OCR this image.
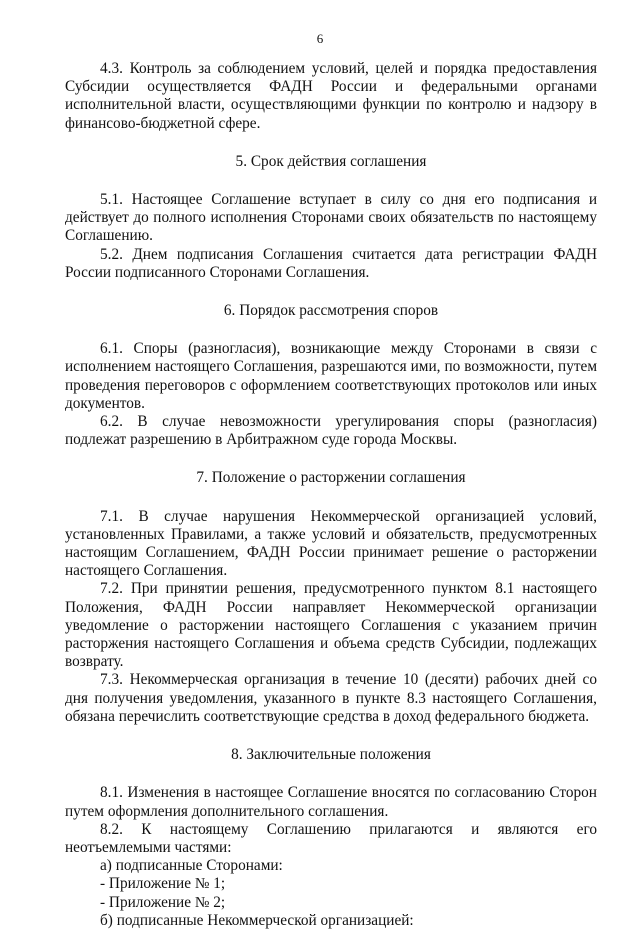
6

4.3. Контроль за соблюдением условий, целей и порядка предоставления Субсидии осуществляется ФАДН России и федеральными органами исполнительной власти, осуществляющими функции по контролю и надзору в финансово-бюджетной сфере.

5. Срок действия соглашения

5.1. Настоящее Соглашение вступает в силу со дня его подписания и действует до полного исполнения Сторонами своих обязательств по настоящему Соглашению.

5.2. Днем подписания Соглашения считается дата регистрации ФАДН России подписанного Сторонами Соглашения.

6. Порядок рассмотрения споров

6.1. Споры (разногласия), возникающие между Сторонами в связи с исполнением настоящего Соглашения, разрешаются ими, по возможности, путем проведения переговоров с оформлением соответствующих протоколов или иных документов.

6.2. В случае невозможности урегулирования споры (разногласия) подлежат разрешению в Арбитражном суде города Москвы.

7. Положение о расторжении соглашения

7.1. В случае нарушения Некоммерческой организацией условий, установленных Правилами, а также условий и обязательств, предусмотренных настоящим Соглашением, ФАДН России принимает решение о расторжении настоящего Соглашения.

7.2. При принятии решения, предусмотренного пунктом 8.1 настоящего Положения, ФАДН России направляет Некоммерческой организации уведомление о расторжении настоящего Соглашения с указанием причин расторжения настоящего Соглашения и объема средств Субсидии, подлежащих возврату.

7.3. Некоммерческая организация в течение 10 (десяти) рабочих дней со дня получения уведомления, указанного в пункте 8.3 настоящего Соглашения, обязана перечислить соответствующие средства в доход федерального бюджета.

8. Заключительные положения

8.1. Изменения в настоящее Соглашение вносятся по согласованию Сторон путем оформления дополнительного соглашения.

8.2. К настоящему Соглашению прилагаются и являются его неотъемлемыми частями:

а) подписанные Сторонами:

- Приложение № 1;

- Приложение № 2;

б) подписанные Некоммерческой организацией:
